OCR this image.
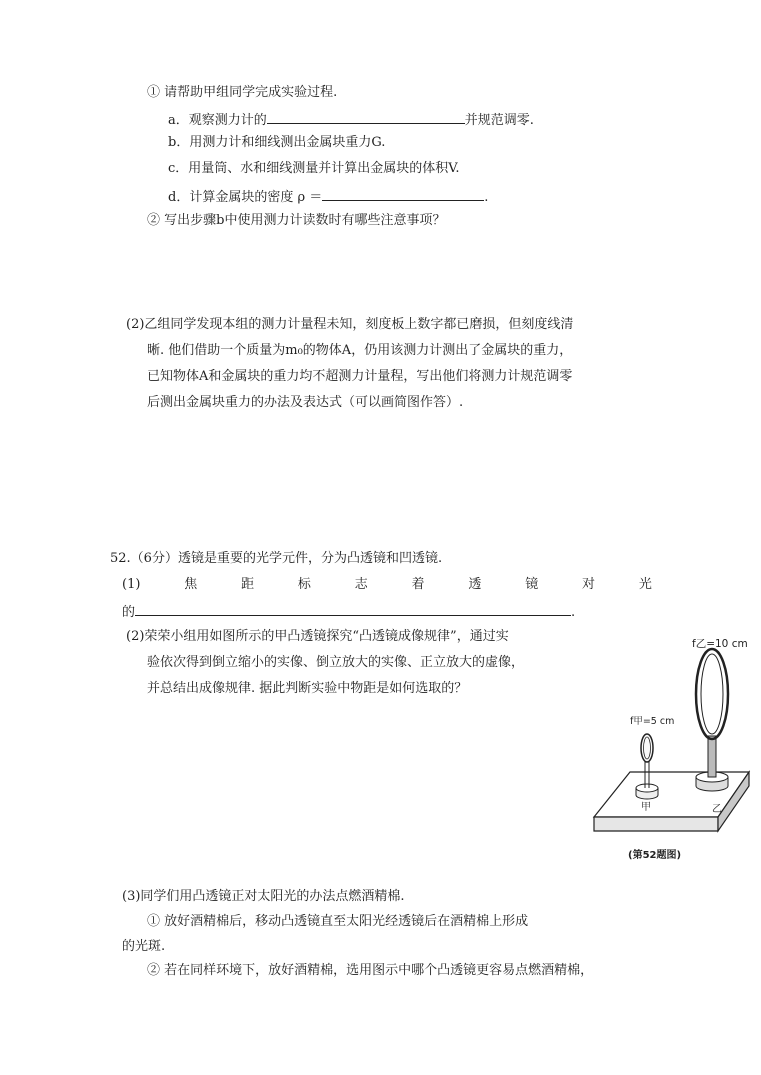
① 请帮助甲组同学完成实验过程.
a．观察测力计的	并规范调零.
b．用测力计和细线测出金属块重力G.
c．用量筒、水和细线测量并计算出金属块的体积V.
d．计算金属块的密度 ρ ＝	.
② 写出步骤b中使用测力计读数时有哪些注意事项？
(2)乙组同学发现本组的测力计量程未知，刻度板上数字都已磨损，但刻度线清
晰. 他们借助一个质量为m₀的物体A，仍用该测力计测出了金属块的重力，
已知物体A和金属块的重力均不超测力计量程，写出他们将测力计规范调零
后测出金属块重力的办法及表达式（可以画简图作答）.
52.（6分）透镜是重要的光学元件，分为凸透镜和凹透镜.
(1)	焦	距	标	志	着	透	镜	对	光
的	.
(2)荣荣小组用如图所示的甲凸透镜探究“凸透镜成像规律”，通过实
验依次得到倒立缩小的实像、倒立放大的实像、正立放大的虚像，
并总结出成像规律. 据此判断实验中物距是如何选取的？
f乙=10 cm
f甲=5 cm
甲	乙
(第52题图)
(3)同学们用凸透镜正对太阳光的办法点燃酒精棉.
① 放好酒精棉后，移动凸透镜直至太阳光经透镜后在酒精棉上形成
的光斑.
② 若在同样环境下，放好酒精棉，选用图示中哪个凸透镜更容易点燃酒精棉，
